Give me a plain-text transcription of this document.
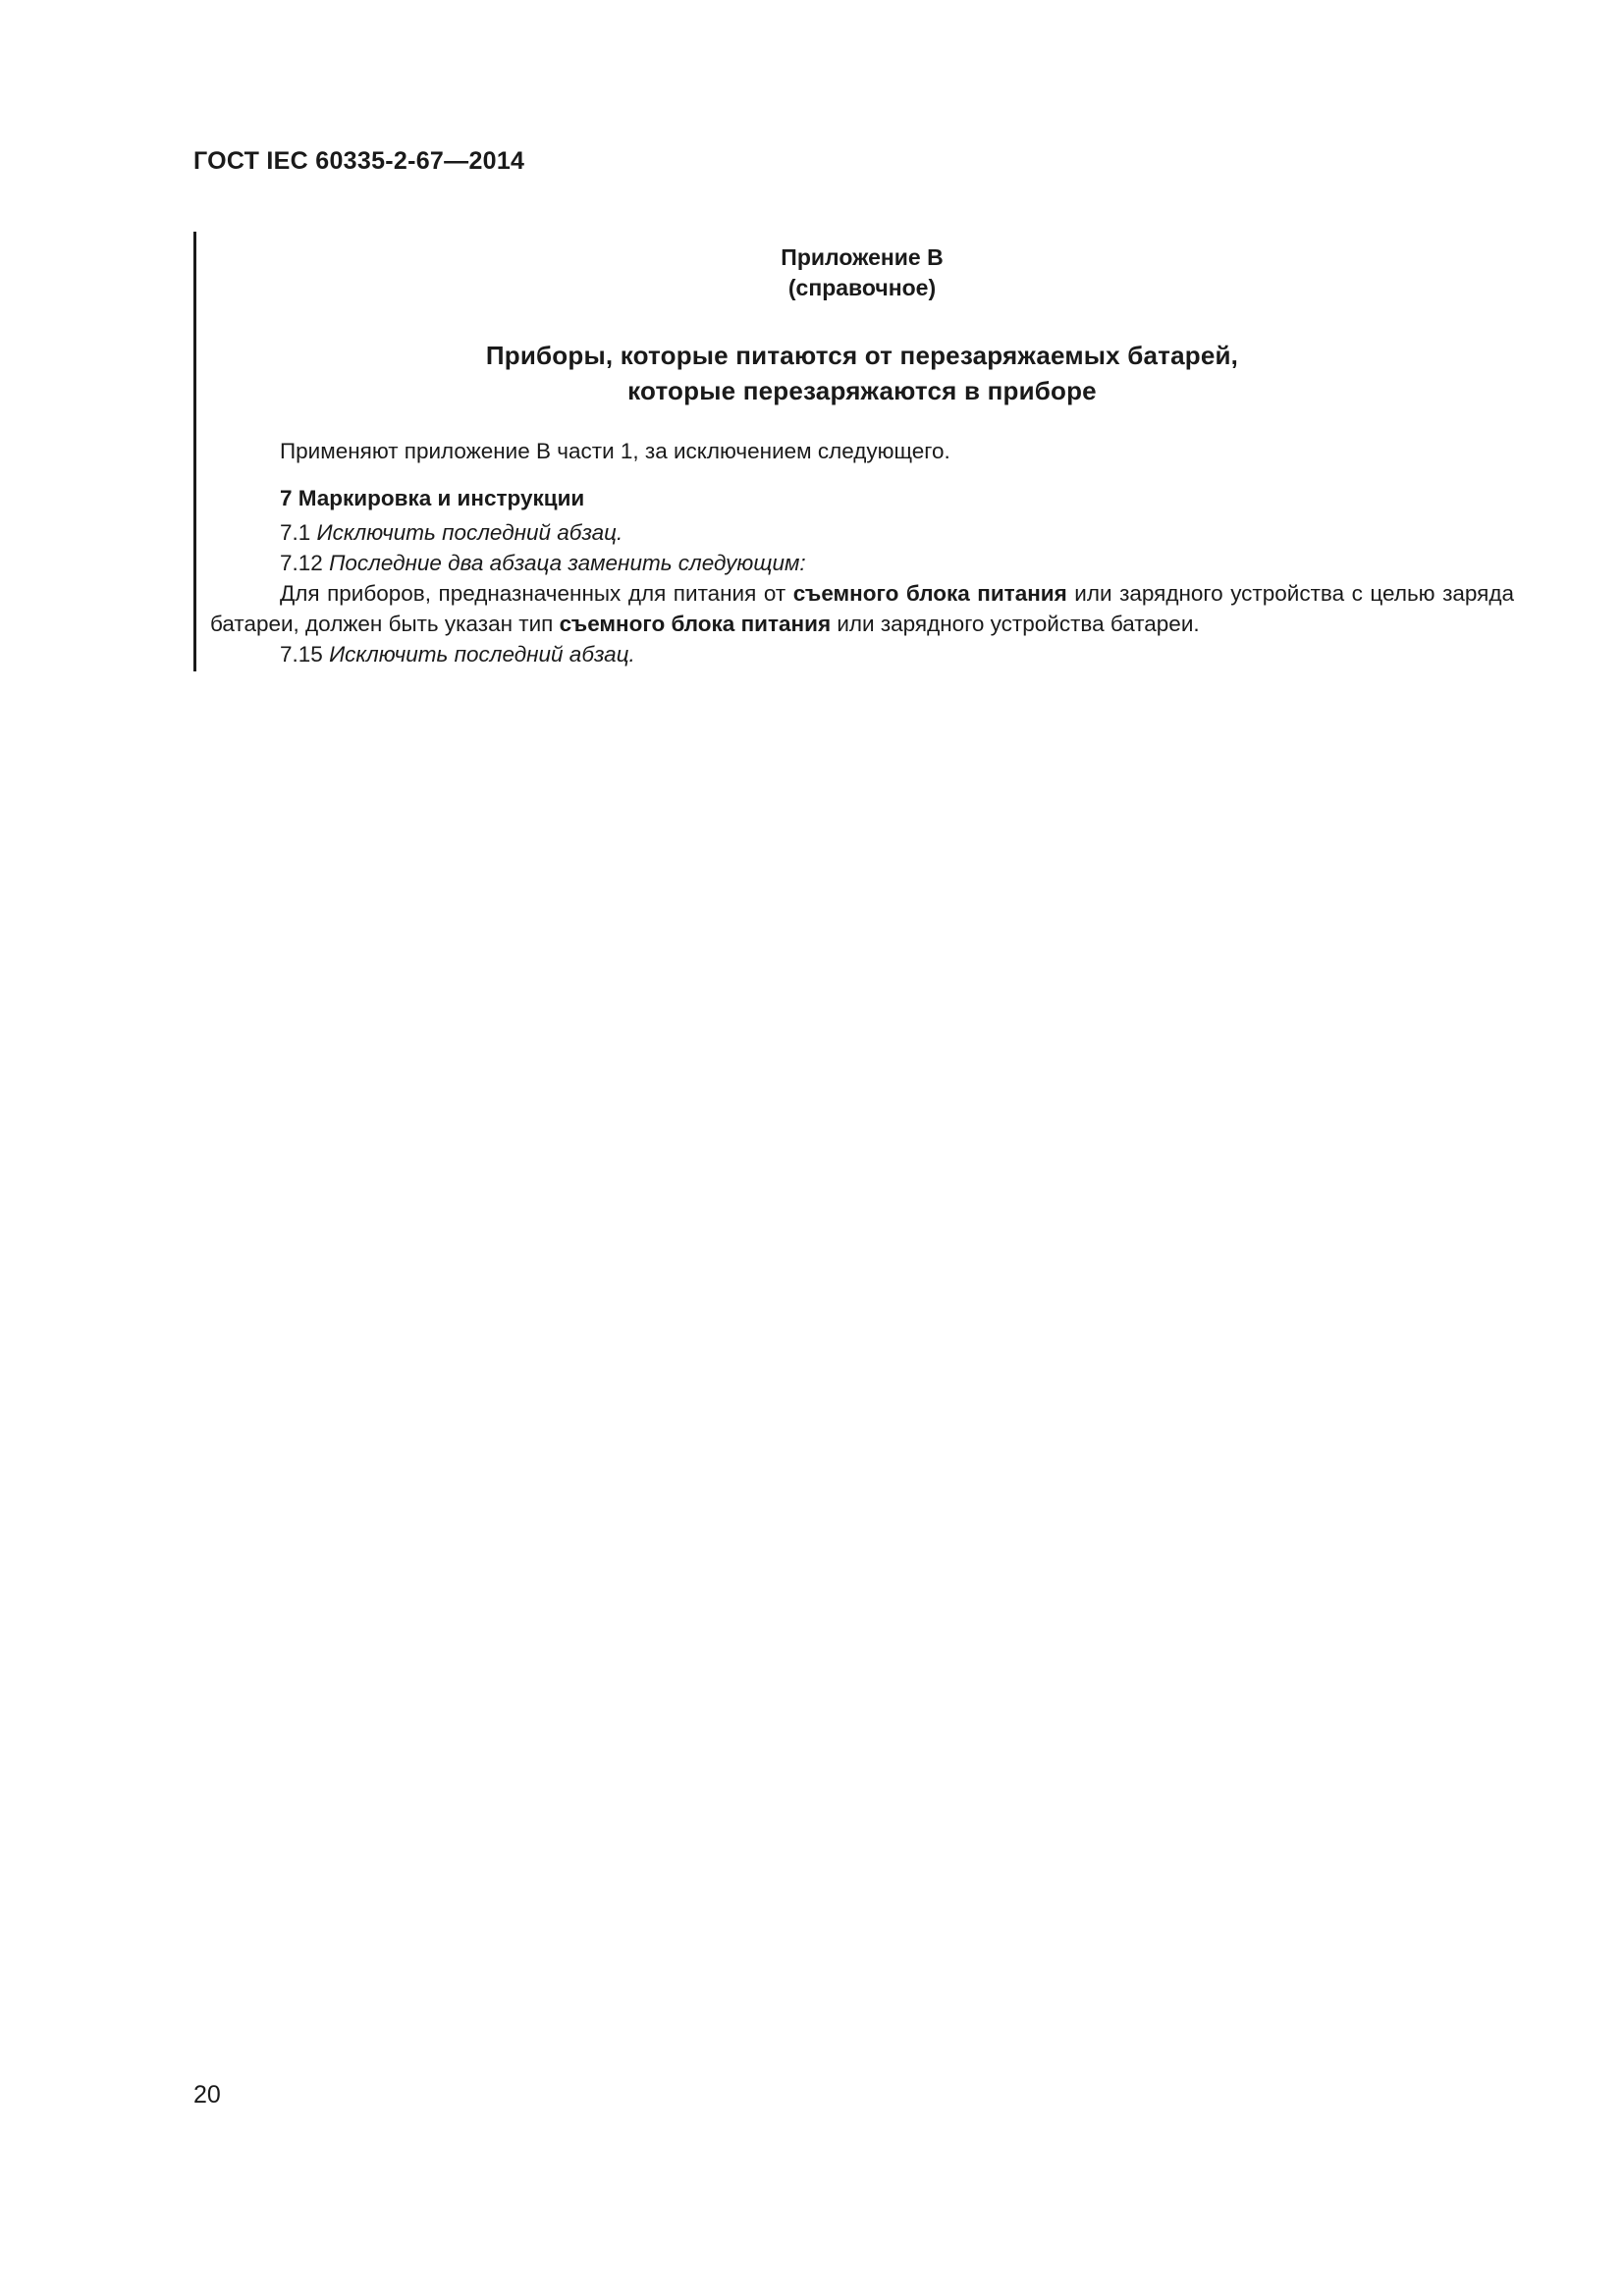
ГОСТ IEC 60335-2-67—2014

Приложение В

(справочное)

Приборы, которые питаются от перезаряжаемых батарей,
которые перезаряжаются в приборе

Применяют приложение В части 1, за исключением следующего.

7 Маркировка и инструкции

7.1 Исключить последний абзац.

7.12 Последние два абзаца заменить следующим:

Для приборов, предназначенных для питания от съемного блока питания или зарядного устройства с целью заряда батареи, должен быть указан тип съемного блока питания или зарядного устройства батареи.

7.15 Исключить последний абзац.

20
